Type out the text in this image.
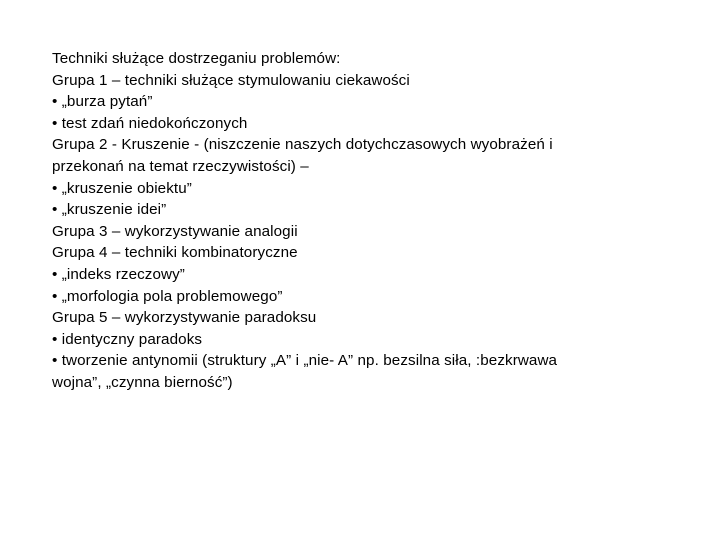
Techniki służące dostrzeganiu problemów:
Grupa 1 – techniki służące stymulowaniu ciekawości
• „burza pytań”
• test zdań niedokończonych
Grupa 2 - Kruszenie - (niszczenie naszych dotychczasowych wyobrażeń i
przekonań na temat rzeczywistości) –
• „kruszenie obiektu”
• „kruszenie idei”
Grupa 3 – wykorzystywanie analogii
Grupa 4 – techniki kombinatoryczne
• „indeks rzeczowy”
• „morfologia pola problemowego”
Grupa 5 – wykorzystywanie paradoksu
• identyczny paradoks
• tworzenie antynomii (struktury „A” i „nie- A” np. bezsilna siła, :bezkrwawa
wojna”, „czynna bierność”)
